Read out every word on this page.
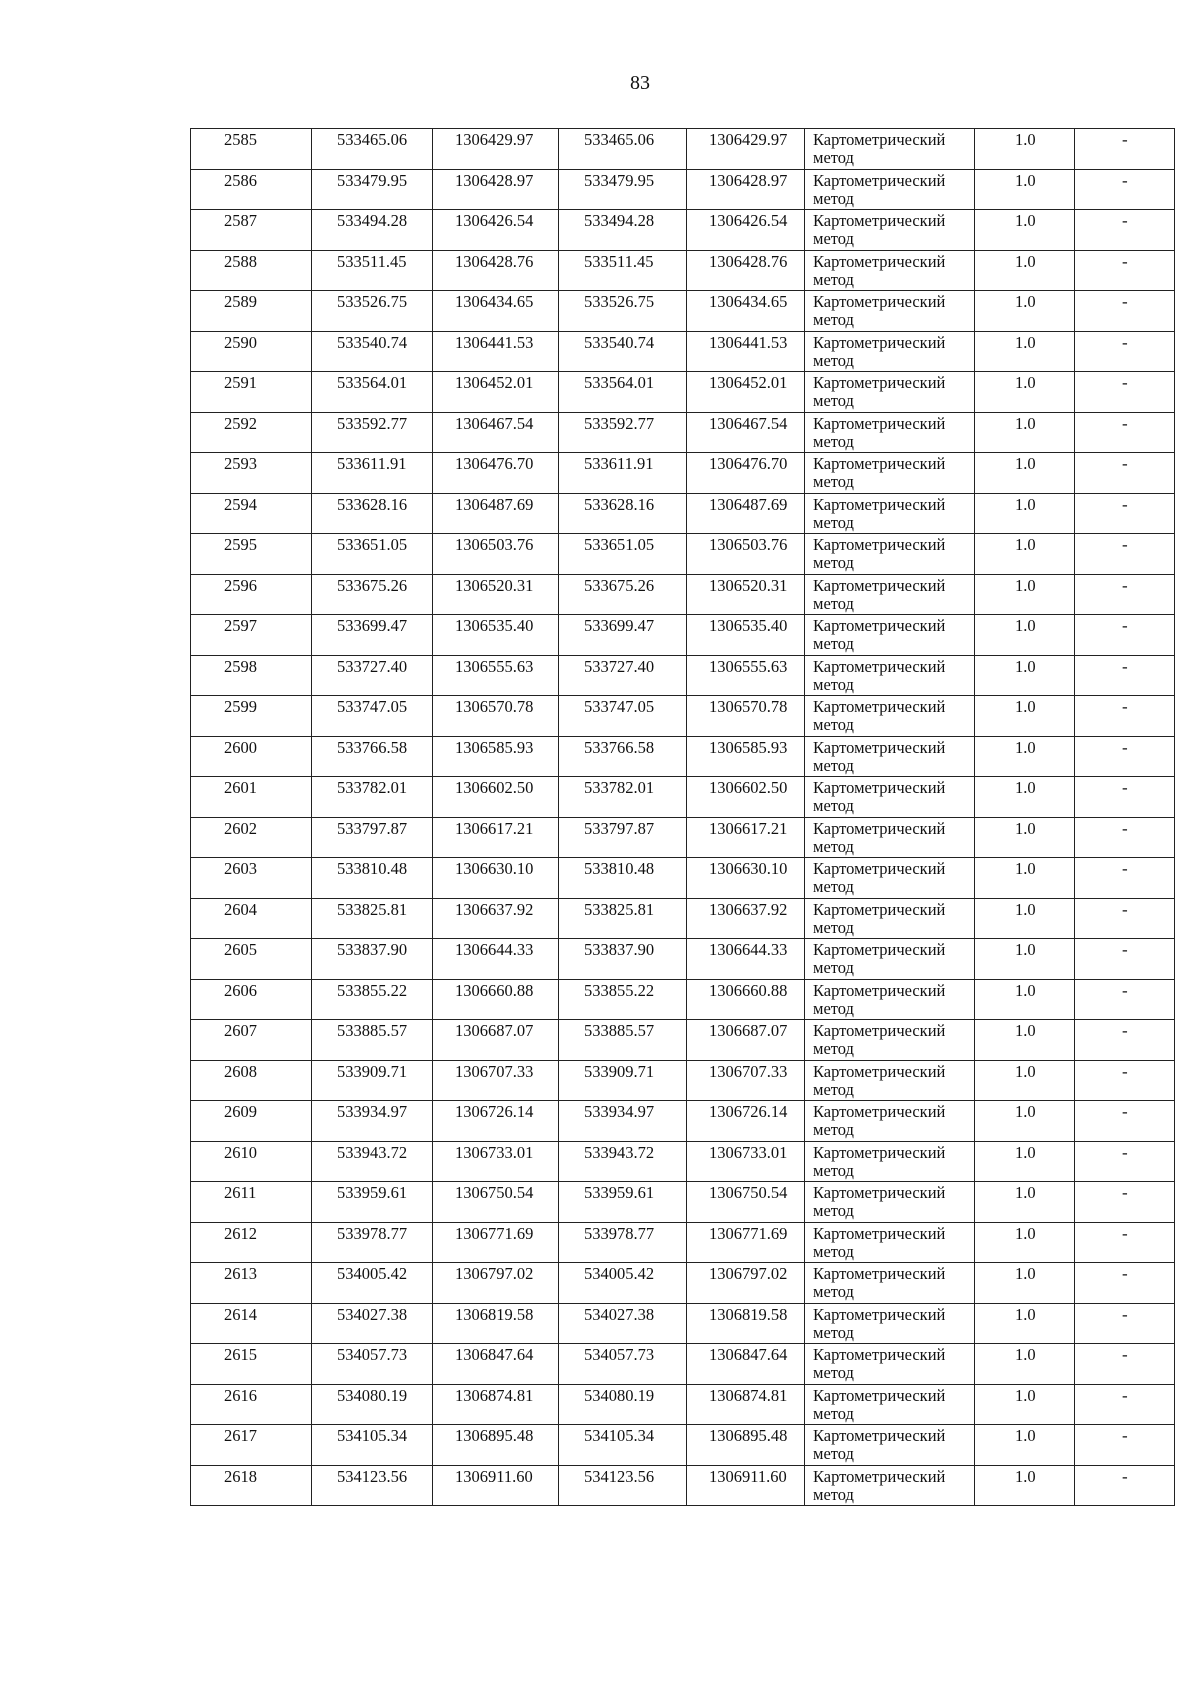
83
2585	533465.06	1306429.97	533465.06	1306429.97	Картометрический
метод	1.0	-
2586	533479.95	1306428.97	533479.95	1306428.97	Картометрический
метод	1.0	-
2587	533494.28	1306426.54	533494.28	1306426.54	Картометрический
метод	1.0	-
2588	533511.45	1306428.76	533511.45	1306428.76	Картометрический
метод	1.0	-
2589	533526.75	1306434.65	533526.75	1306434.65	Картометрический
метод	1.0	-
2590	533540.74	1306441.53	533540.74	1306441.53	Картометрический
метод	1.0	-
2591	533564.01	1306452.01	533564.01	1306452.01	Картометрический
метод	1.0	-
2592	533592.77	1306467.54	533592.77	1306467.54	Картометрический
метод	1.0	-
2593	533611.91	1306476.70	533611.91	1306476.70	Картометрический
метод	1.0	-
2594	533628.16	1306487.69	533628.16	1306487.69	Картометрический
метод	1.0	-
2595	533651.05	1306503.76	533651.05	1306503.76	Картометрический
метод	1.0	-
2596	533675.26	1306520.31	533675.26	1306520.31	Картометрический
метод	1.0	-
2597	533699.47	1306535.40	533699.47	1306535.40	Картометрический
метод	1.0	-
2598	533727.40	1306555.63	533727.40	1306555.63	Картометрический
метод	1.0	-
2599	533747.05	1306570.78	533747.05	1306570.78	Картометрический
метод	1.0	-
2600	533766.58	1306585.93	533766.58	1306585.93	Картометрический
метод	1.0	-
2601	533782.01	1306602.50	533782.01	1306602.50	Картометрический
метод	1.0	-
2602	533797.87	1306617.21	533797.87	1306617.21	Картометрический
метод	1.0	-
2603	533810.48	1306630.10	533810.48	1306630.10	Картометрический
метод	1.0	-
2604	533825.81	1306637.92	533825.81	1306637.92	Картометрический
метод	1.0	-
2605	533837.90	1306644.33	533837.90	1306644.33	Картометрический
метод	1.0	-
2606	533855.22	1306660.88	533855.22	1306660.88	Картометрический
метод	1.0	-
2607	533885.57	1306687.07	533885.57	1306687.07	Картометрический
метод	1.0	-
2608	533909.71	1306707.33	533909.71	1306707.33	Картометрический
метод	1.0	-
2609	533934.97	1306726.14	533934.97	1306726.14	Картометрический
метод	1.0	-
2610	533943.72	1306733.01	533943.72	1306733.01	Картометрический
метод	1.0	-
2611	533959.61	1306750.54	533959.61	1306750.54	Картометрический
метод	1.0	-
2612	533978.77	1306771.69	533978.77	1306771.69	Картометрический
метод	1.0	-
2613	534005.42	1306797.02	534005.42	1306797.02	Картометрический
метод	1.0	-
2614	534027.38	1306819.58	534027.38	1306819.58	Картометрический
метод	1.0	-
2615	534057.73	1306847.64	534057.73	1306847.64	Картометрический
метод	1.0	-
2616	534080.19	1306874.81	534080.19	1306874.81	Картометрический
метод	1.0	-
2617	534105.34	1306895.48	534105.34	1306895.48	Картометрический
метод	1.0	-
2618	534123.56	1306911.60	534123.56	1306911.60	Картометрический
метод	1.0	-
